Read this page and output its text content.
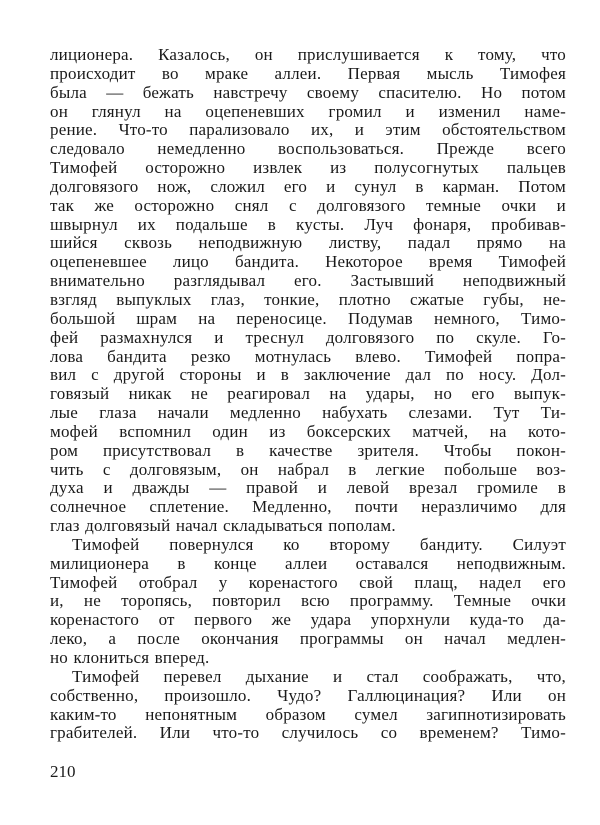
лиционера. Казалось, он прислушивается к тому, что
происходит во мраке аллеи. Первая мысль Тимофея
была — бежать навстречу своему спасителю. Но потом
он глянул на оцепеневших громил и изменил наме-
рение. Что-то парализовало их, и этим обстоятельством
следовало немедленно воспользоваться. Прежде всего
Тимофей осторожно извлек из полусогнутых пальцев
долговязого нож, сложил его и сунул в карман. Потом
так же осторожно снял с долговязого темные очки и
швырнул их подальше в кусты. Луч фонаря, пробивав-
шийся сквозь неподвижную листву, падал прямо на
оцепеневшее лицо бандита. Некоторое время Тимофей
внимательно разглядывал его. Застывший неподвижный
взгляд выпуклых глаз, тонкие, плотно сжатые губы, не-
большой шрам на переносице. Подумав немного, Тимо-
фей размахнулся и треснул долговязого по скуле. Го-
лова бандита резко мотнулась влево. Тимофей попра-
вил с другой стороны и в заключение дал по носу. Дол-
говязый никак не реагировал на удары, но его выпук-
лые глаза начали медленно набухать слезами. Тут Ти-
мофей вспомнил один из боксерских матчей, на кото-
ром присутствовал в качестве зрителя. Чтобы покон-
чить с долговязым, он набрал в легкие побольше воз-
духа и дважды — правой и левой врезал громиле в
солнечное сплетение. Медленно, почти неразличимо для
глаз долговязый начал складываться пополам.
Тимофей повернулся ко второму бандиту. Силуэт
милиционера в конце аллеи оставался неподвижным.
Тимофей отобрал у коренастого свой плащ, надел его
и, не торопясь, повторил всю программу. Темные очки
коренастого от первого же удара упорхнули куда-то да-
леко, а после окончания программы он начал медлен-
но клониться вперед.
Тимофей перевел дыхание и стал соображать, что,
собственно, произошло. Чудо? Галлюцинация? Или он
каким-то непонятным образом сумел загипнотизировать
грабителей. Или что-то случилось со временем? Тимо-
210
